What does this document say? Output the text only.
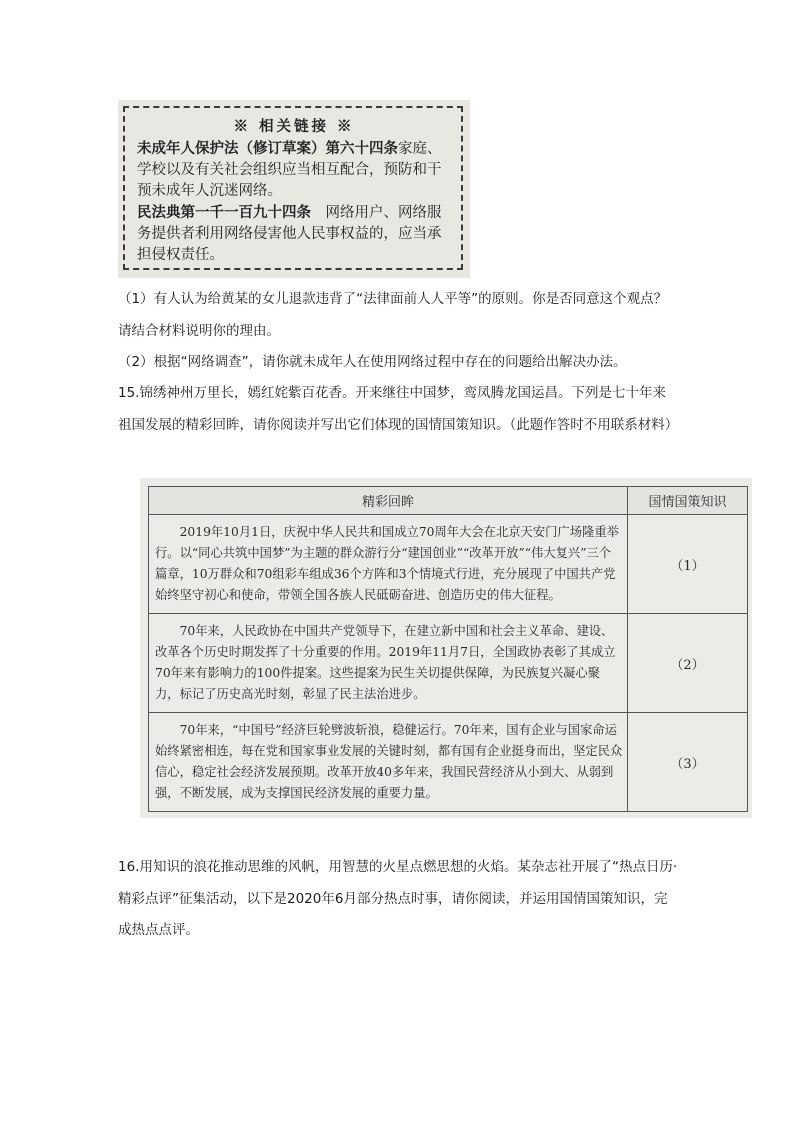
※ 相关链接 ※
未成年人保护法（修订草案）第六十四条家庭、学校以及有关社会组织应当相互配合，预防和干预未成年人沉迷网络。
民法典第一千一百九十四条　 网络用户、网络服务提供者利用网络侵害他人民事权益的，应当承担侵权责任。
（1）有人认为给黄某的女儿退款违背了“法律面前人人平等”的原则。你是否同意这个观点？请结合材料说明你的理由。
（2）根据“网络调查”，请你就未成年人在使用网络过程中存在的问题给出解决办法。
15.锦绣神州万里长，嫣红姹紫百花香。开来继往中国梦，鸾凤腾龙国运昌。下列是七十年来祖国发展的精彩回眸，请你阅读并写出它们体现的国情国策知识。（此题作答时不用联系材料）
精彩回眸	国情国策知识
2019年10月1日，庆祝中华人民共和国成立70周年大会在北京天安门广场隆重举行。以“同心共筑中国梦”为主题的群众游行分“建国创业”“改革开放”“伟大复兴”三个篇章，10万群众和70组彩车组成36个方阵和3个情境式行进，充分展现了中国共产党始终坚守初心和使命，带领全国各族人民砥砺奋进、创造历史的伟大征程。	（1）
70年来，人民政协在中国共产党领导下，在建立新中国和社会主义革命、建设、改革各个历史时期发挥了十分重要的作用。2019年11月7日，全国政协表彰了其成立70年来有影响力的100件提案。这些提案为民生关切提供保障，为民族复兴凝心聚力，标记了历史高光时刻，彰显了民主法治进步。	（2）
70年来，“中国号”经济巨轮劈波斩浪，稳健运行。70年来，国有企业与国家命运始终紧密相连，每在党和国家事业发展的关键时刻，都有国有企业挺身而出，坚定民众信心，稳定社会经济发展预期。改革开放40多年来，我国民营经济从小到大、从弱到强，不断发展，成为支撑国民经济发展的重要力量。	（3）
16.用知识的浪花推动思维的风帆，用智慧的火星点燃思想的火焰。某杂志社开展了“热点日历·精彩点评”征集活动，以下是2020年6月部分热点时事，请你阅读，并运用国情国策知识，完成热点点评。
